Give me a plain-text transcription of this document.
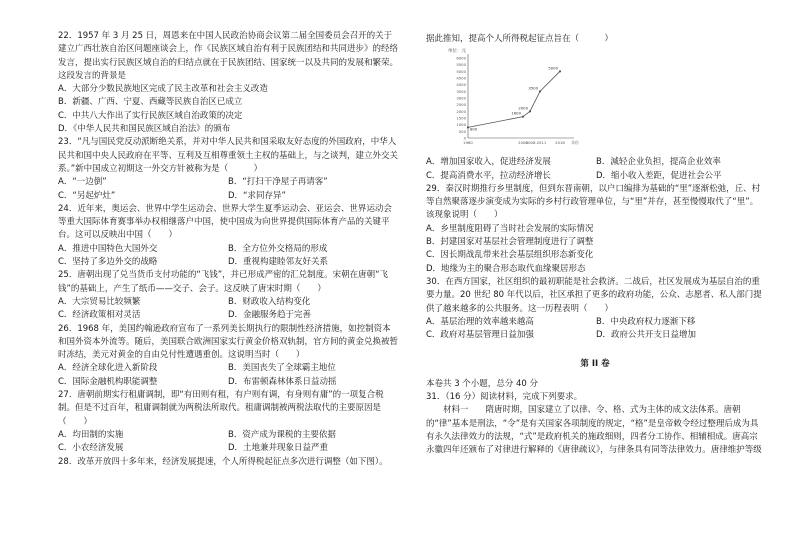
22．1957 年 3 月 25 日，周恩来在中国人民政治协商会议第二届全国委员会召开的关于建立广西壮族自治区问题座谈会上，作《民族区域自治有利于民族团结和共同进步》的经络发言，提出实行民族区域自治的归结点就在于民族团结、国家统一以及共同的发展和繁荣。这段发言的背景是

A．大部分少数民族地区完成了民主改革和社会主义改造

B．新疆、广西、宁夏、西藏等民族自治区已成立

C．中共八大作出了实行民族区域自治政策的决定

D．《中华人民共和国民族区域自治法》的颁布

23．“凡与国民党反动派断绝关系，并对中华人民共和国采取友好态度的外国政府，中华人民共和国中央人民政府在平等、互利及互相尊重领土主权的基础上，与之谈判，建立外交关系。”新中国成立初期这一外交方针被称为是（　　　）

A．“一边倒”	B．“打扫干净屋子再请客”
C．“另起炉灶”	D．“求同存异”

24．近年来，奥运会、世界中学生运动会、世界大学生夏季运动会、亚运会、世界运动会等重大国际体育赛事举办权相继落户中国，使中国成为向世界提供国际体育产品的关键平台。这可以反映出中国（　　）

A．推进中国特色大国外交	B．全方位外交格局的形成
C．坚持了多边外交的战略	D．重视构建睦邻友好关系

25．唐朝出现了兑当货币支付功能的“飞钱”，并已形成严密的汇兑制度。宋朝在唐朝“飞钱”的基础上，产生了纸币——交子、会子。这反映了唐宋时期（　　）

A．大宗贸易比较频繁	B．财政收入结构变化
C．经济政策相对灵活	D．金融服务趋于完善

26．1968 年，美国约翰逊政府宣布了一系列美长期执行的限制性经济措施，如控制资本和国外资本外流等。随后，美国联合欧洲国家实行黄金价格双轨制，官方间的黄金兑换被暂时冻结，美元对黄金的自由兑付性遭遇重创。这说明当时（　　）

A．经济全球化进入新阶段	B．美国丧失了全球霸主地位
C．国际金融机构职能调整	D．布雷顿森林体系日益动摇

27．唐朝前期实行租庸调制，即“有田则有租，有户则有调，有身则有庸”的一项复合税制。但是不过百年，租庸调制就为两税法所取代。租庸调制被两税法取代的主要原因是（　　）

A．均田制的实施	B．资产成为课税的主要依据
C．小农经济发展	D．土地兼并现象日益严重

28．改革开放四十多年来，经济发展提速，个人所得税起征点多次进行调整（如下图）。

据此推知，提高个人所得税起征点旨在（　　　）

单位：元
0
500
1000
1500
2000
2500
3000
3500
4000
4500
5000
5500
6000
800
1600
2000
3500
5000
1980	2006
2008.2011 2018 年份
A．增加国家收入，促进经济发展	B．減轻企业负担，提高企业效率
C．提高消费水平，拉动经济增长	D．缩小收入差距，促进社会公平

29．秦汉时期推行乡里制度，但到东晋南朝，以户口编排为基础的“里”逐渐松弛，丘、村等自然聚落逐步演变成为实际的乡村行政管理单位，与“里”并存，甚至慢慢取代了“里”。该现象说明（　　）

A．乡里制度阻碍了当时社会发展的实际情况

B．封建国家对基层社会管理制度进行了调整

C．因长期战乱带来社会基层组织形态新变化

D．地缘为主的聚合形态取代血缘聚居形态

30．在西方国家，社区组织的最初职能是社会救济。二战后，社区发展成为基层自治的重要力量。20 世纪 80 年代以后，社区承担了更多的政府功能，公众、志愿者、私人部门提供了越来越多的公共服务。这一历程表明（　　）

A．基层治理的效率越来越高	B．中央政府权力逐渐下移
C．政府对基层管理日益加强	D．政府公共开支日益增加
第 II 卷

本卷共 3 个小题，总分 40 分

31．（16 分）阅读材料，完成下列要求。

材料一　　隋唐时期，国家建立了以律、令、格、式为主体的成文法体系。唐朝的“律”基本是刑法，“令”是有关国家各项制度的规定，“格”是皇帝敕令经过整理后成为具有永久法律效力的法规，“式”是政府机关的施政细则，四者分工协作、相辅相成。唐高宗永徽四年还颁布了对律进行解释的《唐律疏议》，与律条具有同等法律效力。唐律维护等级
